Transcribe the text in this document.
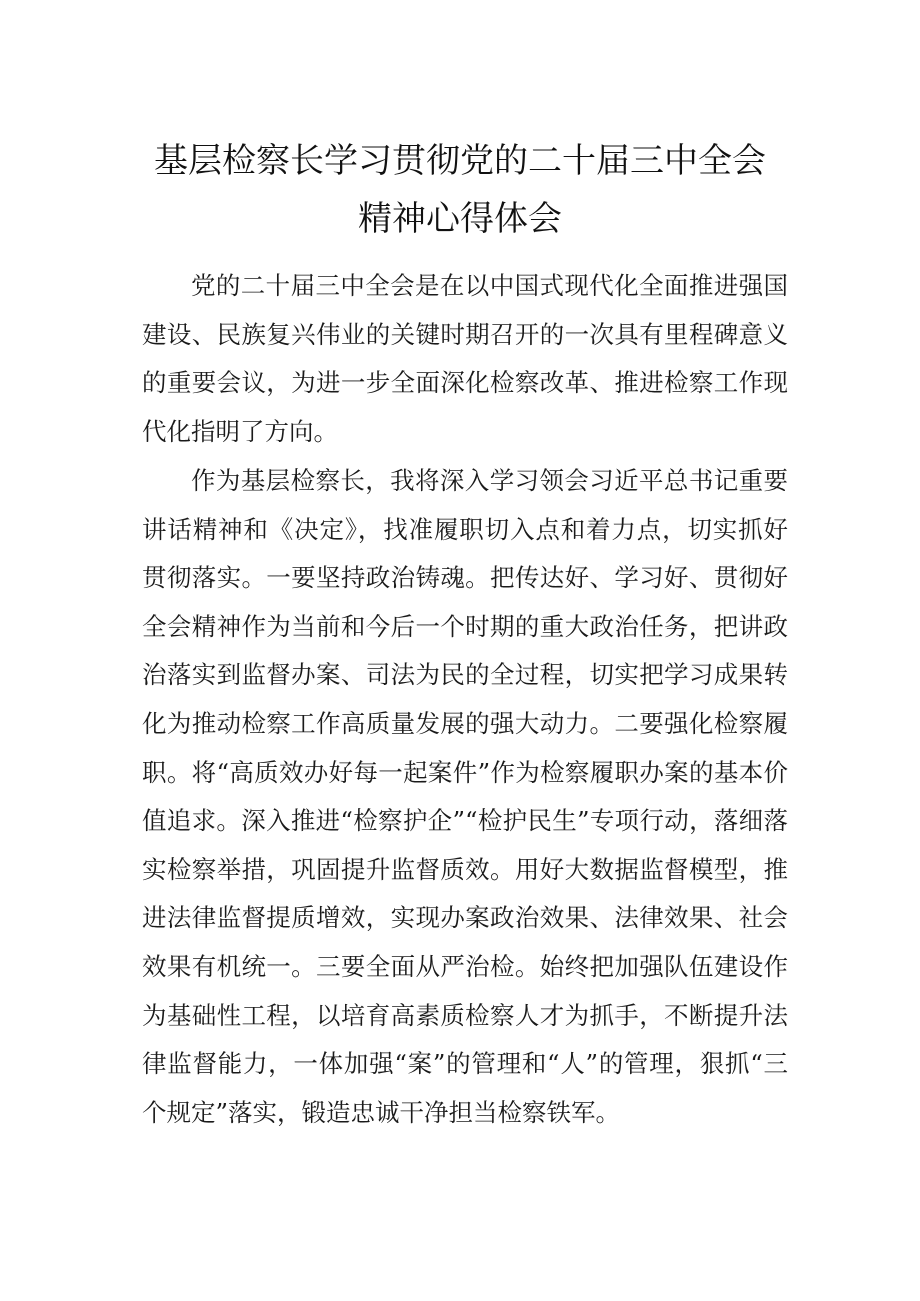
基层检察长学习贯彻党的二十届三中全会
精神心得体会

党的二十届三中全会是在以中国式现代化全面推进强国建设、民族复兴伟业的关键时期召开的一次具有里程碑意义的重要会议，为进一步全面深化检察改革、推进检察工作现代化指明了方向。

作为基层检察长，我将深入学习领会习近平总书记重要讲话精神和《决定》，找准履职切入点和着力点，切实抓好贯彻落实。一要坚持政治铸魂。把传达好、学习好、贯彻好全会精神作为当前和今后一个时期的重大政治任务，把讲政治落实到监督办案、司法为民的全过程，切实把学习成果转化为推动检察工作高质量发展的强大动力。二要强化检察履职。将“高质效办好每一起案件”作为检察履职办案的基本价值追求。深入推进“检察护企”“检护民生”专项行动，落细落实检察举措，巩固提升监督质效。用好大数据监督模型，推进法律监督提质增效，实现办案政治效果、法律效果、社会效果有机统一。三要全面从严治检。始终把加强队伍建设作为基础性工程，以培育高素质检察人才为抓手，不断提升法律监督能力，一体加强“案”的管理和“人”的管理，狠抓“三个规定”落实，锻造忠诚干净担当检察铁军。
